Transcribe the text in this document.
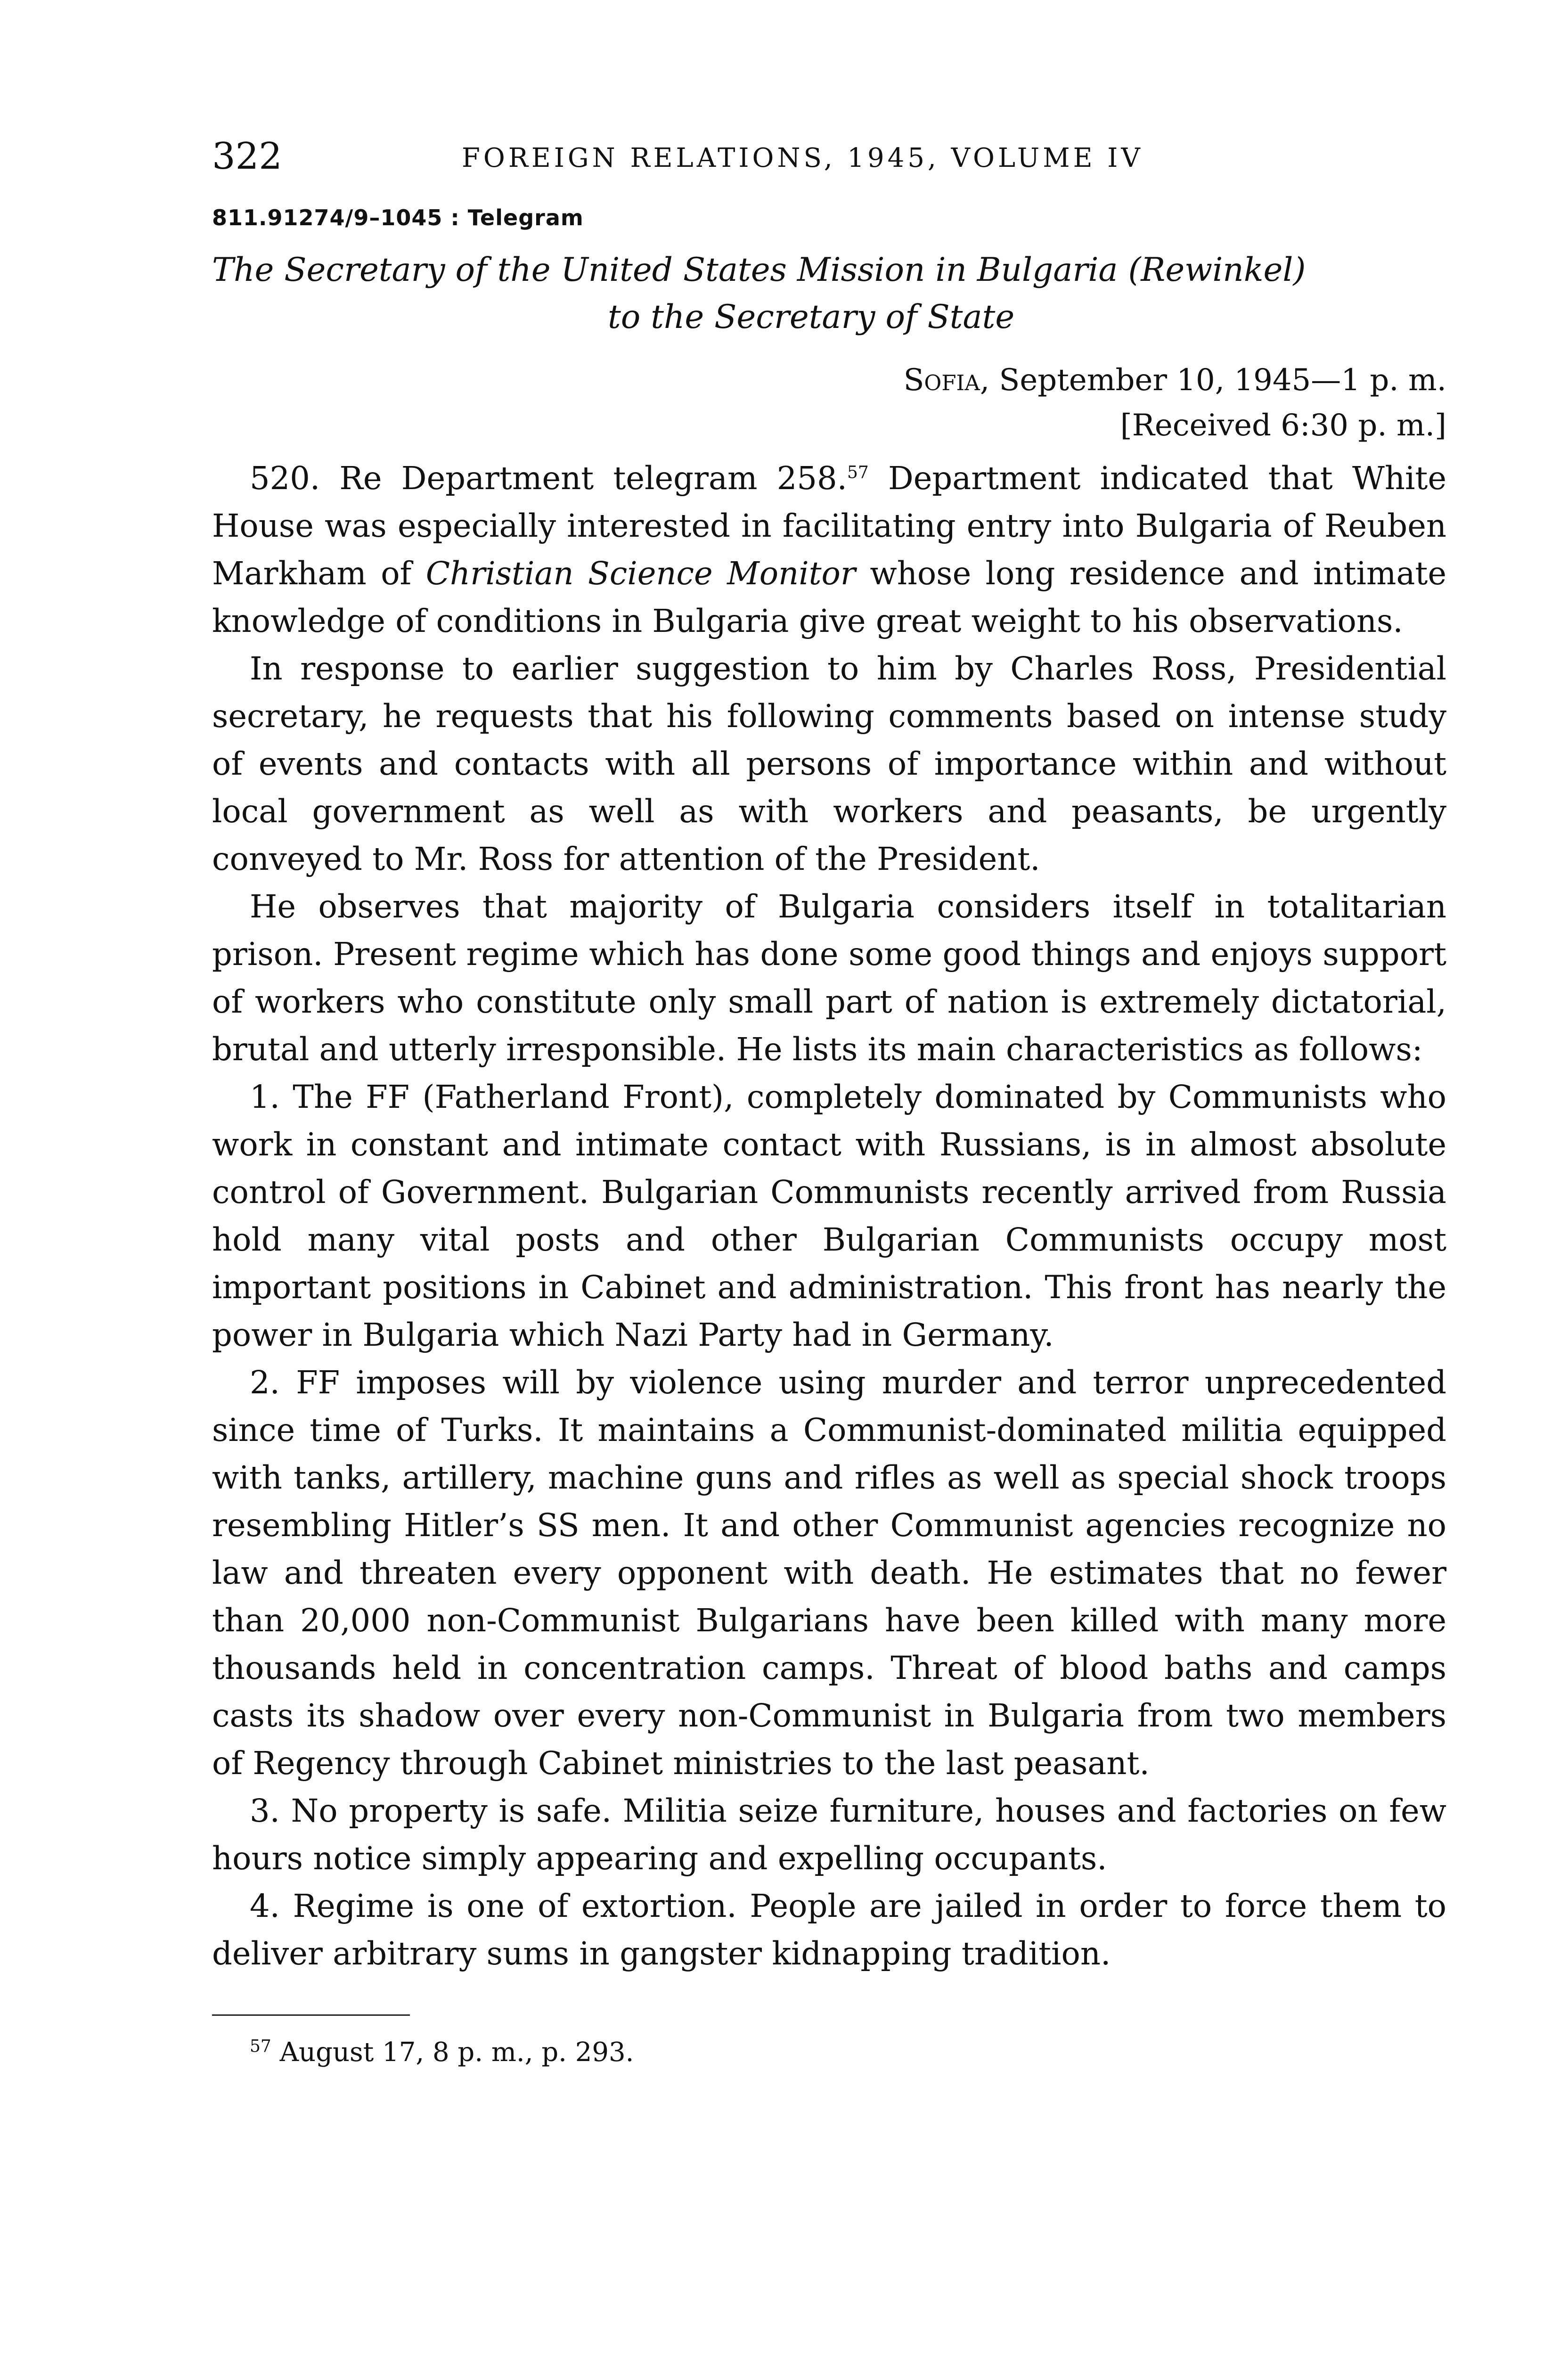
322	FOREIGN RELATIONS, 1945, VOLUME IV
811.91274/9–1045 : Telegram
The Secretary of the United States Mission in Bulgaria (Rewinkel)
to the Secretary of State
Sofia, September 10, 1945—1 p. m.
[Received 6:30 p. m.]

520. Re Department telegram 258.57 Department indicated that White House was especially interested in facilitating entry into Bulgaria of Reuben Markham of Christian Science Monitor whose long residence and intimate knowledge of conditions in Bulgaria give great weight to his observations.

In response to earlier suggestion to him by Charles Ross, Presidential secretary, he requests that his following comments based on intense study of events and contacts with all persons of importance within and without local government as well as with workers and peasants, be urgently conveyed to Mr. Ross for attention of the President.

He observes that majority of Bulgaria considers itself in totalitarian prison. Present regime which has done some good things and enjoys support of workers who constitute only small part of nation is extremely dictatorial, brutal and utterly irresponsible. He lists its main characteristics as follows:

1. The FF (Fatherland Front), completely dominated by Communists who work in constant and intimate contact with Russians, is in almost absolute control of Government. Bulgarian Communists recently arrived from Russia hold many vital posts and other Bulgarian Communists occupy most important positions in Cabinet and administration. This front has nearly the power in Bulgaria which Nazi Party had in Germany.

2. FF imposes will by violence using murder and terror unprecedented since time of Turks. It maintains a Communist-dominated militia equipped with tanks, artillery, machine guns and rifles as well as special shock troops resembling Hitler’s SS men. It and other Communist agencies recognize no law and threaten every opponent with death. He estimates that no fewer than 20,000 non-Communist Bulgarians have been killed with many more thousands held in concentration camps. Threat of blood baths and camps casts its shadow over every non-Communist in Bulgaria from two members of Regency through Cabinet ministries to the last peasant.

3. No property is safe. Militia seize furniture, houses and factories on few hours notice simply appearing and expelling occupants.

4. Regime is one of extortion. People are jailed in order to force them to deliver arbitrary sums in gangster kidnapping tradition.

$^{57}$ August 17, 8 p. m., p. 293.
